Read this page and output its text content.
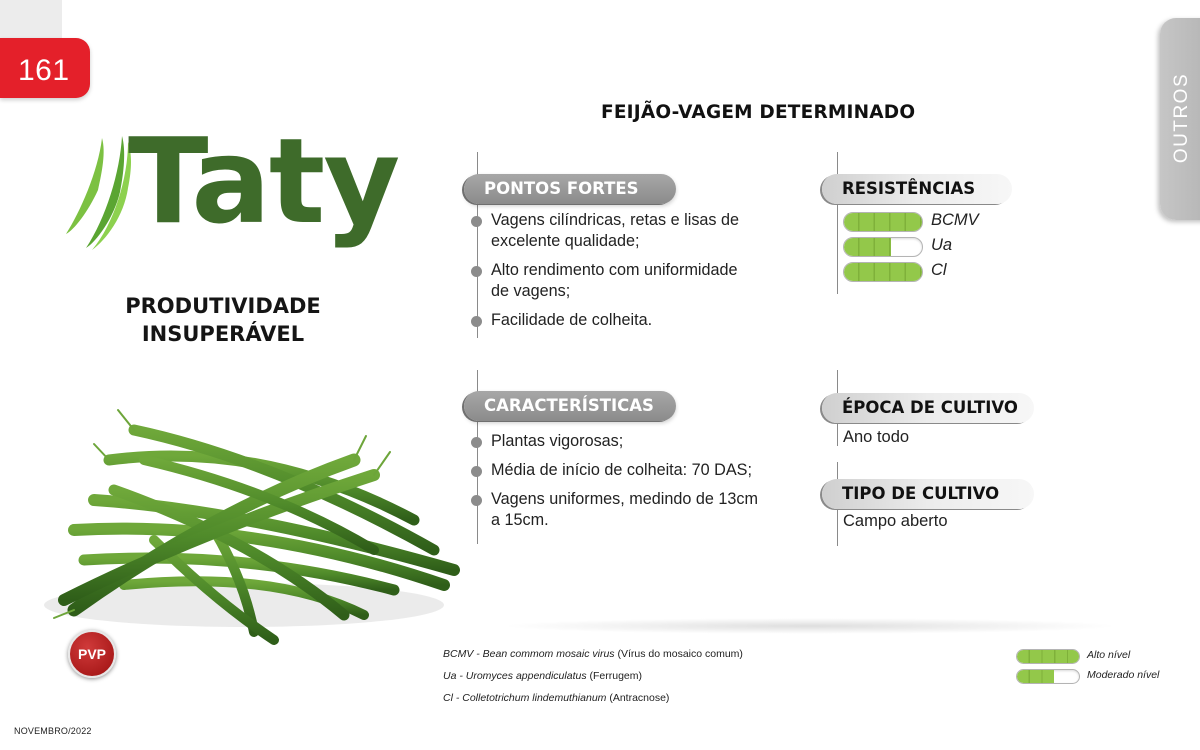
161
OUTROS
Taty
PRODUTIVIDADE
INSUPERÁVEL
PVP
NOVEMBRO/2022
FEIJÃO-VAGEM DETERMINADO
PONTOS FORTES
Vagens cilíndricas, retas e lisas de
excelente qualidade;
Alto rendimento com uniformidade
de vagens;
Facilidade de colheita.
CARACTERÍSTICAS
Plantas vigorosas;
Média de início de colheita: 70 DAS;
Vagens uniformes, medindo de 13cm
a 15cm.
RESISTÊNCIAS
BCMV
Ua
Cl
ÉPOCA DE CULTIVO
Ano todo
TIPO DE CULTIVO
Campo aberto
BCMV - Bean commom mosaic virus (Vírus do mosaico comum)
Ua - Uromyces appendiculatus (Ferrugem)
Cl - Colletotrichum lindemuthianum (Antracnose)
Alto nível
Moderado nível
